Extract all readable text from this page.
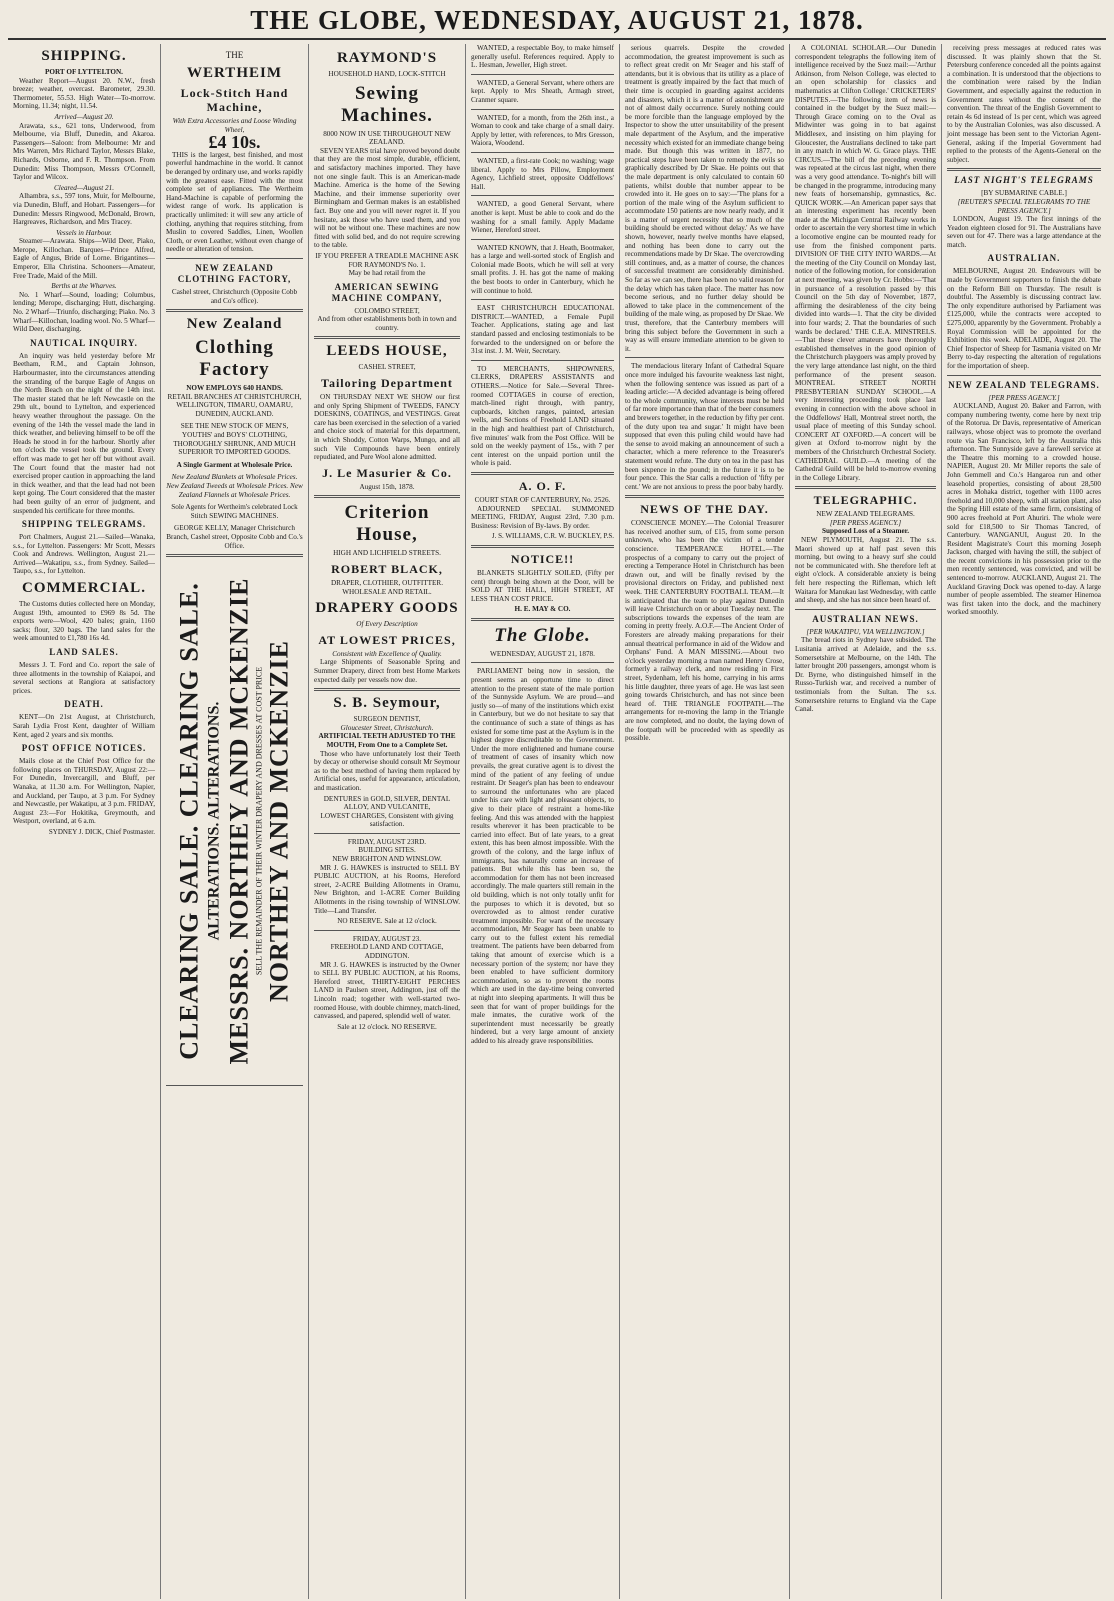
THE GLOBE, WEDNESDAY, AUGUST 21, 1878.
SHIPPING.
PORT OF LYTTELTON.

Weather Report—August 20. N.W., fresh breeze; weather, overcast. Barometer, 29.30. Thermometer, 55.53. High Water—To-morrow. Morning, 11.34; night, 11.54.

Arrived—August 20.

Arawata, s.s., 621 tons, Underwood, from Melbourne, via Bluff, Dunedin, and Akaroa. Passengers—Saloon: from Melbourne: Mr and Mrs Warren, Mrs Richard Taylor, Messrs Blake, Richards, Osborne, and F. R. Thompson. From Dunedin: Miss Thompson, Messrs O'Connell, Taylor and Wilcox.

Cleared—August 21.

Alhambra, s.s., 597 tons, Muir, for Melbourne, via Dunedin, Bluff, and Hobart. Passengers—for Dunedin: Messrs Ringwood, McDonald, Brown, Hargreaves, Richardson, and Mrs Tracey.

Vessels in Harbour.

Steamer—Arawata. Ships—Wild Deer, Piako, Merope, Killochan. Barques—Prince Alfred, Eagle of Angus, Bride of Lorne. Brigantines—Emperor, Ella Christina. Schooners—Amateur, Free Trade, Maid of the Mill.

Berths at the Wharves.

No. 1 Wharf—Sound, loading; Columbus, lending; Merope, discharging; Hutt, discharging. No. 2 Wharf—Triunfo, discharging; Piako. No. 3 Wharf—Killochan, loading wool. No. 5 Wharf—Wild Deer, discharging.

NAUTICAL INQUIRY.

An inquiry was held yesterday before Mr Beetham, R.M., and Captain Johnson, Harbourmaster, into the circumstances attending the stranding of the barque Eagle of Angus on the North Beach on the night of the 14th inst. The master stated that he left Newcastle on the 29th ult., bound to Lyttelton, and experienced heavy weather throughout the passage. On the evening of the 14th the vessel made the land in thick weather, and believing himself to be off the Heads he stood in for the harbour. Shortly after ten o'clock the vessel took the ground. Every effort was made to get her off but without avail. The Court found that the master had not exercised proper caution in approaching the land in thick weather, and that the lead had not been kept going. The Court considered that the master had been guilty of an error of judgment, and suspended his certificate for three months.

SHIPPING TELEGRAMS.

Port Chalmers, August 21.—Sailed—Wanaka, s.s., for Lyttelton. Passengers: Mr Scott, Messrs Cook and Andrews. Wellington, August 21.—Arrived—Wakatipu, s.s., from Sydney. Sailed—Taupo, s.s., for Lyttelton.

COMMERCIAL.

The Customs duties collected here on Monday, August 19th, amounted to £969 8s 5d. The exports were—Wool, 420 bales; grain, 1160 sacks; flour, 320 bags. The land sales for the week amounted to £1,780 16s 4d.

LAND SALES.

Messrs J. T. Ford and Co. report the sale of three allotments in the township of Kaiapoi, and several sections at Rangiora at satisfactory prices.

DEATH.

KENT—On 21st August, at Christchurch, Sarah Lydia Frost Kent, daughter of William Kent, aged 2 years and six months.

POST OFFICE NOTICES.

Mails close at the Chief Post Office for the following places on THURSDAY, August 22:—For Dunedin, Invercargill, and Bluff, per Wanaka, at 11.30 a.m. For Wellington, Napier, and Auckland, per Taupo, at 3 p.m. For Sydney and Newcastle, per Wakatipu, at 3 p.m. FRIDAY, August 23:—For Hokitika, Greymouth, and Westport, overland, at 6 a.m.

SYDNEY J. DICK, Chief Postmaster.
THE
WERTHEIM
Lock-Stitch Hand Machine,
With Extra Accessories and Loose Winding Wheel,
£4 10s.

THIS is the largest, best finished, and most powerful handmachine in the world. It cannot be deranged by ordinary use, and works rapidly with the greatest ease. Fitted with the most complete set of appliances. The Wertheim Hand-Machine is capable of performing the widest range of work. Its application is practically unlimited: it will sew any article of clothing, anything that requires stitching, from Muslin to covered Saddles, Linen, Woollen Cloth, or even Leather, without even change of needle or alteration of tension.

NEW ZEALAND CLOTHING FACTORY,
Cashel street, Christchurch (Opposite Cobb and Co's office).
New Zealand
Clothing Factory
NOW EMPLOYS 640 HANDS.
RETAIL BRANCHES AT CHRISTCHURCH, WELLINGTON, TIMARU, OAMARU, DUNEDIN, AUCKLAND.
SEE THE NEW STOCK OF MEN'S, YOUTHS' and BOYS' CLOTHING, THOROUGHLY SHRUNK, AND MUCH SUPERIOR TO IMPORTED GOODS.
A Single Garment at Wholesale Price.
New Zealand Blankets at Wholesale Prices. New Zealand Tweeds at Wholesale Prices. New Zealand Flannels at Wholesale Prices.
Sole Agents for Wertheim's celebrated Lock Stitch SEWING MACHINES.
GEORGE KELLY, Manager Christchurch Branch, Cashel street, Opposite Cobb and Co.'s Office.
CLEARING SALE. CLEARING SALE. ALTERATIONS. ALTERATIONS. MESSRS. NORTHEY AND MCKENZIE SELL THE REMAINDER OF THEIR WINTER DRAPERY AND DRESSES AT COST PRICE NORTHEY AND MCKENZIE
RAYMOND'S
HOUSEHOLD HAND, LOCK-STITCH
Sewing Machines.
8000 NOW IN USE THROUGHOUT NEW ZEALAND.

SEVEN YEARS trial have proved beyond doubt that they are the most simple, durable, efficient, and satisfactory machines imported. They have not one single fault. This is an American-made Machine. America is the home of the Sewing Machine, and their immense superiority over Birmingham and German makes is an established fact. Buy one and you will never regret it. If you hesitate, ask those who have used them, and you will not be without one. These machines are now fitted with solid bed, and do not require screwing to the table.

IF YOU PREFER A TREADLE MACHINE ASK FOR RAYMOND'S No. 1.
May be had retail from the
AMERICAN SEWING MACHINE COMPANY,
COLOMBO STREET,
And from other establishments both in town and country.
LEEDS HOUSE,
CASHEL STREET,
Tailoring Department

ON THURSDAY NEXT WE SHOW our first and only Spring Shipment of TWEEDS, FANCY DOESKINS, COATINGS, and VESTINGS. Great care has been exercised in the selection of a varied and choice stock of material for this department, in which Shoddy, Cotton Warps, Mungo, and all such Vile Compounds have been entirely repudiated, and Pure Wool alone admitted.

J. Le Masurier & Co.
August 15th, 1878.
Criterion House,
HIGH AND LICHFIELD STREETS.
ROBERT BLACK,
DRAPER, CLOTHIER, OUTFITTER. WHOLESALE AND RETAIL.
DRAPERY GOODS
Of Every Description
AT LOWEST PRICES,
Consistent with Excellence of Quality.

Large Shipments of Seasonable Spring and Summer Drapery, direct from best Home Markets expected daily per vessels now due.

S. B. Seymour,
SURGEON DENTIST,
Gloucester Street, Christchurch.
ARTIFICIAL TEETH ADJUSTED TO THE MOUTH, From One to a Complete Set.

Those who have unfortunately lost their Teeth by decay or otherwise should consult Mr Seymour as to the best method of having them replaced by Artificial ones, useful for appearance, articulation, and mastication.

DENTURES in GOLD, SILVER, DENTAL ALLOY, AND VULCANITE,
LOWEST CHARGES, Consistent with giving satisfaction.
FRIDAY, AUGUST 23RD.
BUILDING SITES.
NEW BRIGHTON AND WINSLOW.

MR J. G. HAWKES is instructed to SELL BY PUBLIC AUCTION, at his Rooms, Hereford street, 2-ACRE Building Allotments in Oramu, New Brighton, and 1-ACRE Corner Building Allotments in the rising township of WINSLOW. Title—Land Transfer.

NO RESERVE. Sale at 12 o'clock.
FRIDAY, AUGUST 23.
FREEHOLD LAND AND COTTAGE, ADDINGTON.

MR J. G. HAWKES is instructed by the Owner to SELL BY PUBLIC AUCTION, at his Rooms, Hereford street, THIRTY-EIGHT PERCHES LAND in Paulsen street, Addington, just off the Lincoln road; together with well-started two-roomed House, with double chimney, match-lined, canvassed, and papered, splendid well of water.

Sale at 12 o'clock. NO RESERVE.

WANTED, a respectable Boy, to make himself generally useful. References required. Apply to L. Hesman, Jeweller, High street.

WANTED, a General Servant, where others are kept. Apply to Mrs Sheath, Armagh street, Cranmer square.

WANTED, for a month, from the 26th inst., a Woman to cook and take charge of a small dairy. Apply by letter, with references, to Mrs Gresson, Waiora, Woodend.

WANTED, a first-rate Cook; no washing; wage liberal. Apply to Mrs Pillow, Employment Agency, Lichfield street, opposite Oddfellows' Hall.

WANTED, a good General Servant, where another is kept. Must be able to cook and do the washing for a small family. Apply Madame Wiener, Hereford street.

WANTED KNOWN, that J. Heath, Bootmaker, has a large and well-sorted stock of English and Colonial made Boots, which he will sell at very small profits. J. H. has got the name of making the best boots to order in Canterbury, which he will continue to hold.

EAST CHRISTCHURCH EDUCATIONAL DISTRICT.—WANTED, a Female Pupil Teacher. Applications, stating age and last standard passed and enclosing testimonials to be forwarded to the undersigned on or before the 31st inst. J. M. Weir, Secretary.

TO MERCHANTS, SHIPOWNERS, CLERKS, DRAPERS' ASSISTANTS and OTHERS.—Notice for Sale.—Several Three-roomed COTTAGES in course of erection, match-lined right through, with pantry, cupboards, kitchen ranges, painted, artesian wells, and Sections of Freehold LAND situated in the high and healthiest part of Christchurch, five minutes' walk from the Post Office. Will be sold on the weekly payment of 15s., with 7 per cent interest on the unpaid portion until the whole is paid.

A. O. F.
COURT STAR OF CANTERBURY, No. 2526.

ADJOURNED SPECIAL SUMMONED MEETING, FRIDAY, August 23rd, 7.30 p.m. Business: Revision of By-laws. By order.

J. S. WILLIAMS, C.R. W. BUCKLEY, P.S.
NOTICE!!

BLANKETS SLIGHTLY SOILED, (Fifty per cent) through being shown at the Door, will be SOLD AT THE HALL, HIGH STREET, AT LESS THAN COST PRICE.

H. E. MAY & CO.
The Globe.
WEDNESDAY, AUGUST 21, 1878.

PARLIAMENT being now in session, the present seems an opportune time to direct attention to the present state of the male portion of the Sunnyside Asylum. We are proud—and justly so—of many of the institutions which exist in Canterbury, but we do not hesitate to say that the continuance of such a state of things as has existed for some time past at the Asylum is in the highest degree discreditable to the Government. Under the more enlightened and humane course of treatment of cases of insanity which now prevails, the great curative agent is to divest the mind of the patient of any feeling of undue restraint. Dr Seager's plan has been to endeavour to surround the unfortunates who are placed under his care with light and pleasant objects, to give to their place of restraint a home-like feeling. And this was attended with the happiest results wherever it has been practicable to be carried into effect. But of late years, to a great extent, this has been almost impossible. With the growth of the colony, and the large influx of immigrants, has naturally come an increase of patients. But while this has been so, the accommodation for them has not been increased accordingly. The male quarters still remain in the old building, which is not only totally unfit for the purposes to which it is devoted, but so overcrowded as to almost render curative treatment impossible. For want of the necessary accommodation, Mr Seager has been unable to carry out to the fullest extent his remedial treatment. The patients have been debarred from taking that amount of exercise which is a necessary portion of the system; nor have they been enabled to have sufficient dormitory accommodation, so as to prevent the rooms which are used in the day-time being converted at night into sleeping apartments. It will thus be seen that for want of proper buildings for the male inmates, the curative work of the superintendent must necessarily be greatly hindered, but a very large amount of anxiety added to his already grave responsibilities.

serious quarrels. Despite the crowded accommodation, the greatest improvement is such as to reflect great credit on Mr Seager and his staff of attendants, but it is obvious that its utility as a place of treatment is greatly impaired by the fact that much of their time is occupied in guarding against accidents and disasters, which it is a matter of astonishment are not of almost daily occurrence. Surely nothing could be more forcible than the language employed by the Inspector to show the utter unsuitability of the present male department of the Asylum, and the imperative necessity which existed for an immediate change being made. But though this was written in 1877, no practical steps have been taken to remedy the evils so graphically described by Dr Skae. He points out that the male department is only calculated to contain 60 patients, whilst double that number appear to be crowded into it. He goes on to say:—'The plans for a portion of the male wing of the Asylum sufficient to accommodate 150 patients are now nearly ready, and it is a matter of urgent necessity that so much of the building should be erected without delay.' As we have shown, however, nearly twelve months have elapsed, and nothing has been done to carry out the recommendations made by Dr Skae. The overcrowding still continues, and, as a matter of course, the chances of successful treatment are considerably diminished. So far as we can see, there has been no valid reason for the delay which has taken place. The matter has now become serious, and no further delay should be allowed to take place in the commencement of the building of the male wing, as proposed by Dr Skae. We trust, therefore, that the Canterbury members will bring this subject before the Government in such a way as will ensure immediate attention to be given to it.

The mendacious literary Infant of Cathedral Square once more indulged his favourite weakness last night, when the following sentence was issued as part of a leading article:—'A decided advantage is being offered to the whole community, whose interests must be held of far more importance than that of the beer consumers and brewers together, in the reduction by fifty per cent. of the duty upon tea and sugar.' It might have been supposed that even this puling child would have had the sense to avoid making an announcement of such a character, which a mere reference to the Treasurer's statement would refute. The duty on tea in the past has been sixpence in the pound; in the future it is to be four pence. This the Star calls a reduction of 'fifty per cent.' We are not anxious to press the poor baby hardly.

NEWS OF THE DAY.

CONSCIENCE MONEY.—The Colonial Treasurer has received another sum, of £15, from some person unknown, who has been the victim of a tender conscience. TEMPERANCE HOTEL.—The prospectus of a company to carry out the project of erecting a Temperance Hotel in Christchurch has been drawn out, and will be finally revised by the provisional directors on Friday, and published next week. THE CANTERBURY FOOTBALL TEAM.—It is anticipated that the team to play against Dunedin will leave Christchurch on or about Tuesday next. The subscriptions towards the expenses of the team are coming in pretty freely. A.O.F.—The Ancient Order of Foresters are already making preparations for their annual theatrical performance in aid of the Widow and Orphans' Fund. A MAN MISSING.—About two o'clock yesterday morning a man named Henry Crose, formerly a railway clerk, and now residing in First street, Sydenham, left his home, carrying in his arms his little daughter, three years of age. He was last seen going towards Christchurch, and has not since been heard of. THE TRIANGLE FOOTPATH.—The arrangements for re-moving the lamp in the Triangle are now completed, and no doubt, the laying down of the footpath will be proceeded with as speedily as possible.

A COLONIAL SCHOLAR.—Our Dunedin correspondent telegraphs the following item of intelligence received by the Suez mail:—'Arthur Atkinson, from Nelson College, was elected to an open scholarship for classics and mathematics at Clifton College.' CRICKETERS' DISPUTES.—The following item of news is contained in the budget by the Suez mail:—Through Grace coming on to the Oval as Midwinter was going in to bat against Middlesex, and insisting on him playing for Gloucester, the Australians declined to take part in any match in which W. G. Grace plays. THE CIRCUS.—The bill of the preceding evening was repeated at the circus last night, when there was a very good attendance. To-night's bill will be changed in the programme, introducing many new feats of horsemanship, gymnastics, &c. QUICK WORK.—An American paper says that an interesting experiment has recently been made at the Michigan Central Railway works in order to ascertain the very shortest time in which a locomotive engine can be mounted ready for use from the finished component parts. DIVISION OF THE CITY INTO WARDS.—At the meeting of the City Council on Monday last, notice of the following motion, for consideration at next meeting, was given by Cr. Hobbs:—'That in pursuance of a resolution passed by this Council on the 5th day of November, 1877, affirming the desirableness of the city being divided into wards—1. That the city be divided into four wards; 2. That the boundaries of such wards be declared.' THE C.E.A. MINSTRELS.—That these clever amateurs have thoroughly established themselves in the good opinion of the Christchurch playgoers was amply proved by the very large attendance last night, on the third performance of the present season. MONTREAL STREET NORTH PRESBYTERIAN SUNDAY SCHOOL.—A very interesting proceeding took place last evening in connection with the above school in the Oddfellows' Hall, Montreal street north, the usual place of meeting of this Sunday school. CONCERT AT OXFORD.—A concert will be given at Oxford to-morrow night by the members of the Christchurch Orchestral Society. CATHEDRAL GUILD.—A meeting of the Cathedral Guild will be held to-morrow evening in the College Library.

TELEGRAPHIC.
NEW ZEALAND TELEGRAMS.
[PER PRESS AGENCY.]
Supposed Loss of a Steamer.

NEW PLYMOUTH, August 21. The s.s. Maori showed up at half past seven this morning, but owing to a heavy surf she could not be communicated with. She therefore left at eight o'clock. A considerable anxiety is being felt here respecting the Rifleman, which left Waitara for Manukau last Wednesday, with cattle and sheep, and she has not since been heard of.

AUSTRALIAN NEWS.
[PER WAKATIPU, VIA WELLINGTON.]

The bread riots in Sydney have subsided. The Lusitania arrived at Adelaide, and the s.s. Somersetshire at Melbourne, on the 14th. The latter brought 200 passengers, amongst whom is Dr. Byrne, who distinguished himself in the Russo-Turkish war, and received a number of testimonials from the Sultan. The s.s. Somersetshire returns to England via the Cape Canal.

receiving press messages at reduced rates was discussed. It was plainly shown that the St. Petersburg conference conceded all the points against a combination. It is understood that the objections to the combination were raised by the Indian Government, and especially against the reduction in Government rates without the consent of the convention. The threat of the English Government to retain 4s 6d instead of 1s per cent, which was agreed to by the Australian Colonies, was also discussed. A joint message has been sent to the Victorian Agent-General, asking if the Imperial Government had replied to the protests of the Agents-General on the subject.

LAST NIGHT'S TELEGRAMS
[BY SUBMARINE CABLE.]
[REUTER'S SPECIAL TELEGRAMS TO THE PRESS AGENCY.]

LONDON, August 19. The first innings of the Yeadon eighteen closed for 91. The Australians have seven out for 47. There was a large attendance at the match.

AUSTRALIAN.

MELBOURNE, August 20. Endeavours will be made by Government supporters to finish the debate on the Reform Bill on Thursday. The result is doubtful. The Assembly is discussing contract law. The only expenditure authorised by Parliament was £125,000, while the contracts were accepted to £275,000, apparently by the Government. Probably a Royal Commission will be appointed for the Exhibition this week. ADELAIDE, August 20. The Chief Inspector of Sheep for Tasmania visited on Mr Berry to-day respecting the alteration of regulations for the importation of sheep.

NEW ZEALAND TELEGRAMS.
[PER PRESS AGENCY.]

AUCKLAND, August 20. Baker and Farron, with company numbering twenty, come here by next trip of the Rotorua. Dr Davis, representative of American railways, whose object was to promote the overland route via San Francisco, left by the Australia this afternoon. The Sunnyside gave a farewell service at the Theatre this morning to a crowded house. NAPIER, August 20. Mr Miller reports the sale of John Gemmell and Co.'s Hangaroa run and other leasehold properties, consisting of about 28,500 acres in Mohaka district, together with 1100 acres freehold and 10,000 sheep, with all station plant, also the Spring Hill estate of the same firm, consisting of 900 acres freehold at Port Ahuriri. The whole were sold for £18,500 to Sir Thomas Tancred, of Canterbury. WANGANUI, August 20. In the Resident Magistrate's Court this morning Joseph Jackson, charged with having the still, the subject of the recent convictions in his possession prior to the men recently sentenced, was convicted, and will be sentenced to-morrow. AUCKLAND, August 21. The Auckland Graving Dock was opened to-day. A large number of people assembled. The steamer Hinemoa was first taken into the dock, and the machinery worked smoothly.
